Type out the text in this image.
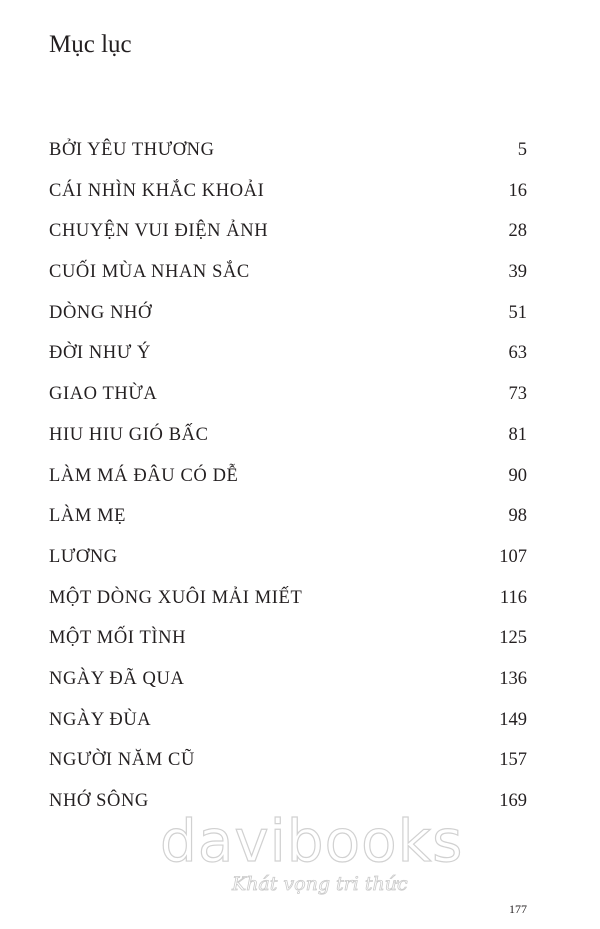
Mục lục
BỞI YÊU THƯƠNG	5
CÁI NHÌN KHẮC KHOẢI	16
CHUYỆN VUI ĐIỆN ẢNH	28
CUỐI MÙA NHAN SẮC	39
DÒNG NHỚ	51
ĐỜI NHƯ Ý	63
GIAO THỪA	73
HIU HIU GIÓ BẤC	81
LÀM MÁ ĐÂU CÓ DỄ	90
LÀM MẸ	98
LƯƠNG	107
MỘT DÒNG XUÔI MẢI MIẾT	116
MỘT MỐI TÌNH	125
NGÀY ĐÃ QUA	136
NGÀY ĐÙA	149
NGƯỜI NĂM CŨ	157
NHỚ SÔNG	169
davibooks
Khát vọng tri thức
177
